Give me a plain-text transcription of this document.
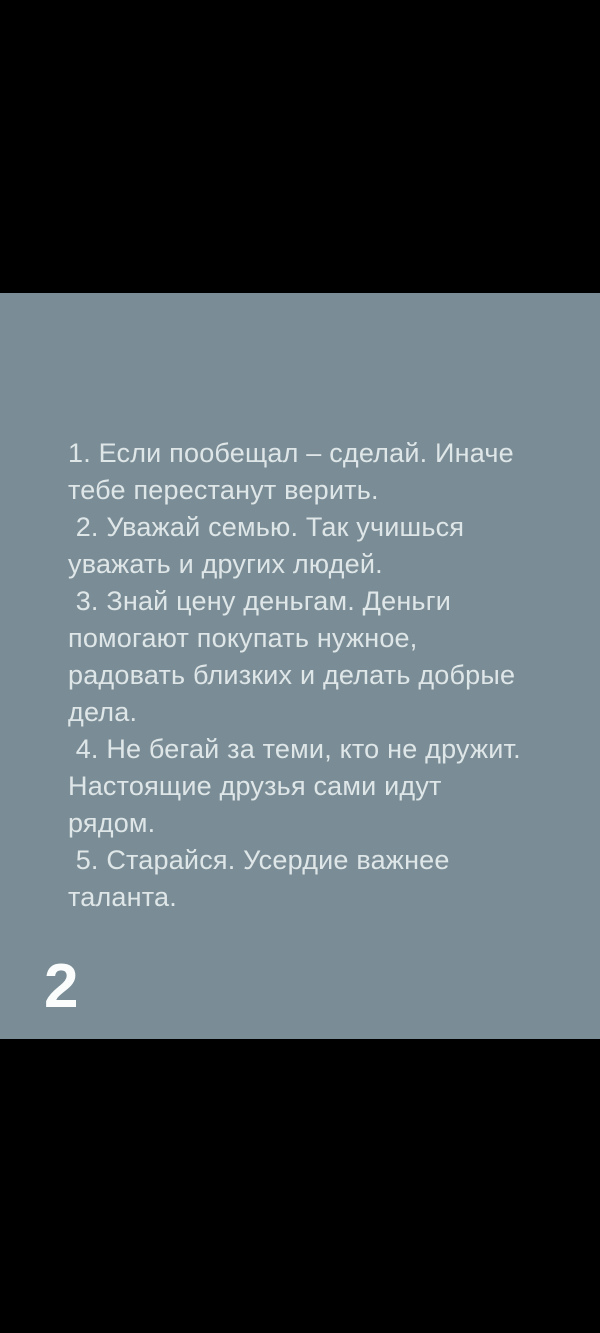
1. Если пообещал – сделай. Иначе
тебе перестанут верить.
2. Уважай семью. Так учишься
уважать и других людей.
3. Знай цену деньгам. Деньги
помогают покупать нужное,
радовать близких и делать добрые
дела.
4. Не бегай за теми, кто не дружит.
Настоящие друзья сами идут
рядом.
5. Старайся. Усердие важнее
таланта.
2
